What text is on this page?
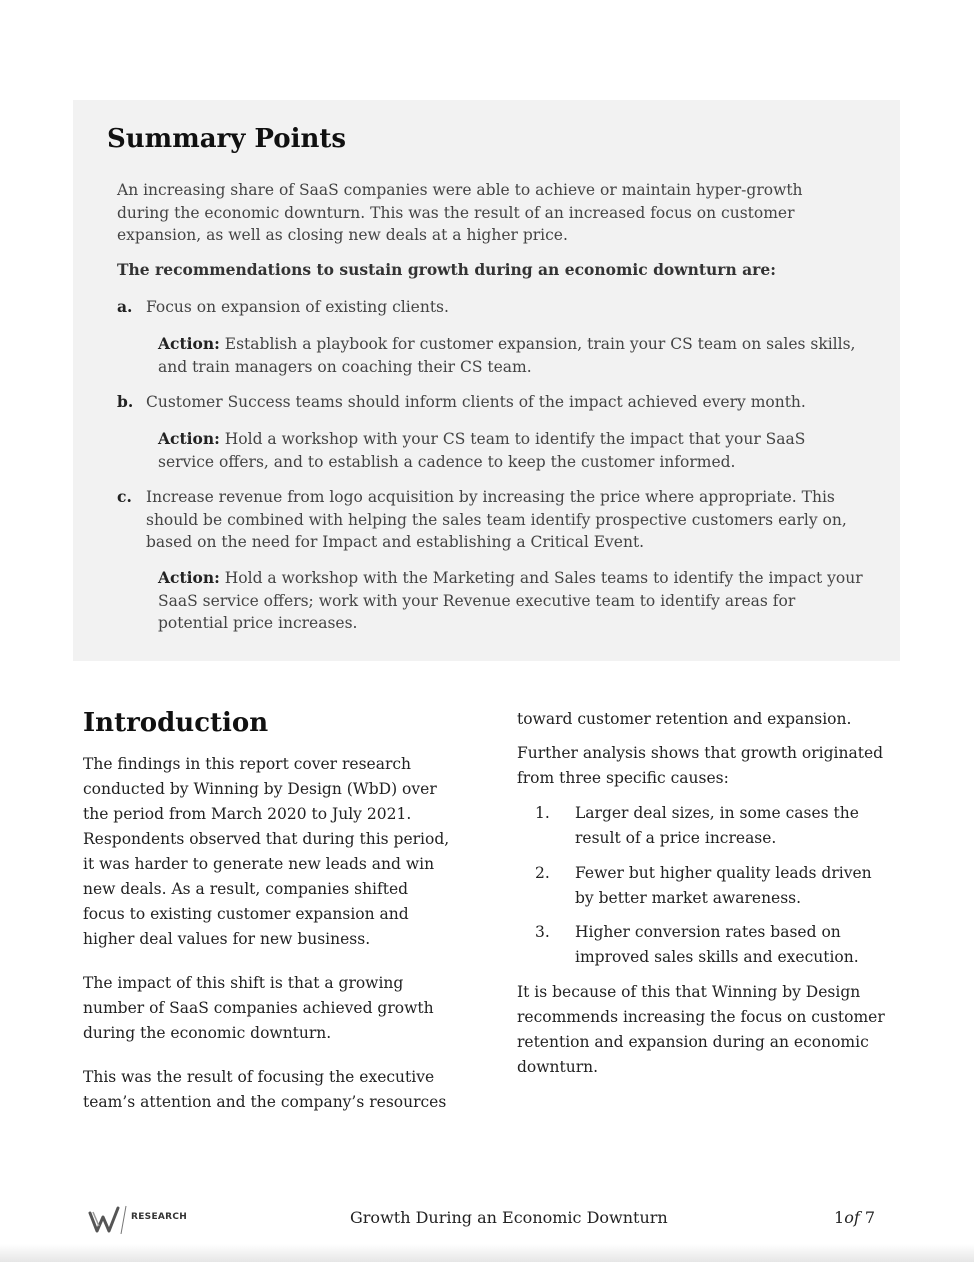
Summary Points
An increasing share of SaaS companies were able to achieve or maintain hyper-growth during the economic downturn. This was the result of an increased focus on customer expansion, as well as closing new deals at a higher price.
The recommendations to sustain growth during an economic downturn are:
a. Focus on expansion of existing clients.
Action: Establish a playbook for customer expansion, train your CS team on sales skills, and train managers on coaching their CS team.
b. Customer Success teams should inform clients of the impact achieved every month.
Action: Hold a workshop with your CS team to identify the impact that your SaaS service offers, and to establish a cadence to keep the customer informed.
c. Increase revenue from logo acquisition by increasing the price where appropriate. This should be combined with helping the sales team identify prospective customers early on, based on the need for Impact and establishing a Critical Event.
Action: Hold a workshop with the Marketing and Sales teams to identify the impact your SaaS service offers; work with your Revenue executive team to identify areas for potential price increases.
Introduction
The findings in this report cover research conducted by Winning by Design (WbD) over the period from March 2020 to July 2021. Respondents observed that during this period, it was harder to generate new leads and win new deals. As a result, companies shifted focus to existing customer expansion and higher deal values for new business.
The impact of this shift is that a growing number of SaaS companies achieved growth during the economic downturn.
This was the result of focusing the executive team’s attention and the company’s resources
toward customer retention and expansion.
Further analysis shows that growth originated from three specific causes:
1. Larger deal sizes, in some cases the result of a price increase.
2. Fewer but higher quality leads driven by better market awareness.
3. Higher conversion rates based on improved sales skills and execution.
It is because of this that Winning by Design recommends increasing the focus on customer retention and expansion during an economic downturn.
RESEARCH	Growth During an Economic Downturn	1of 7
